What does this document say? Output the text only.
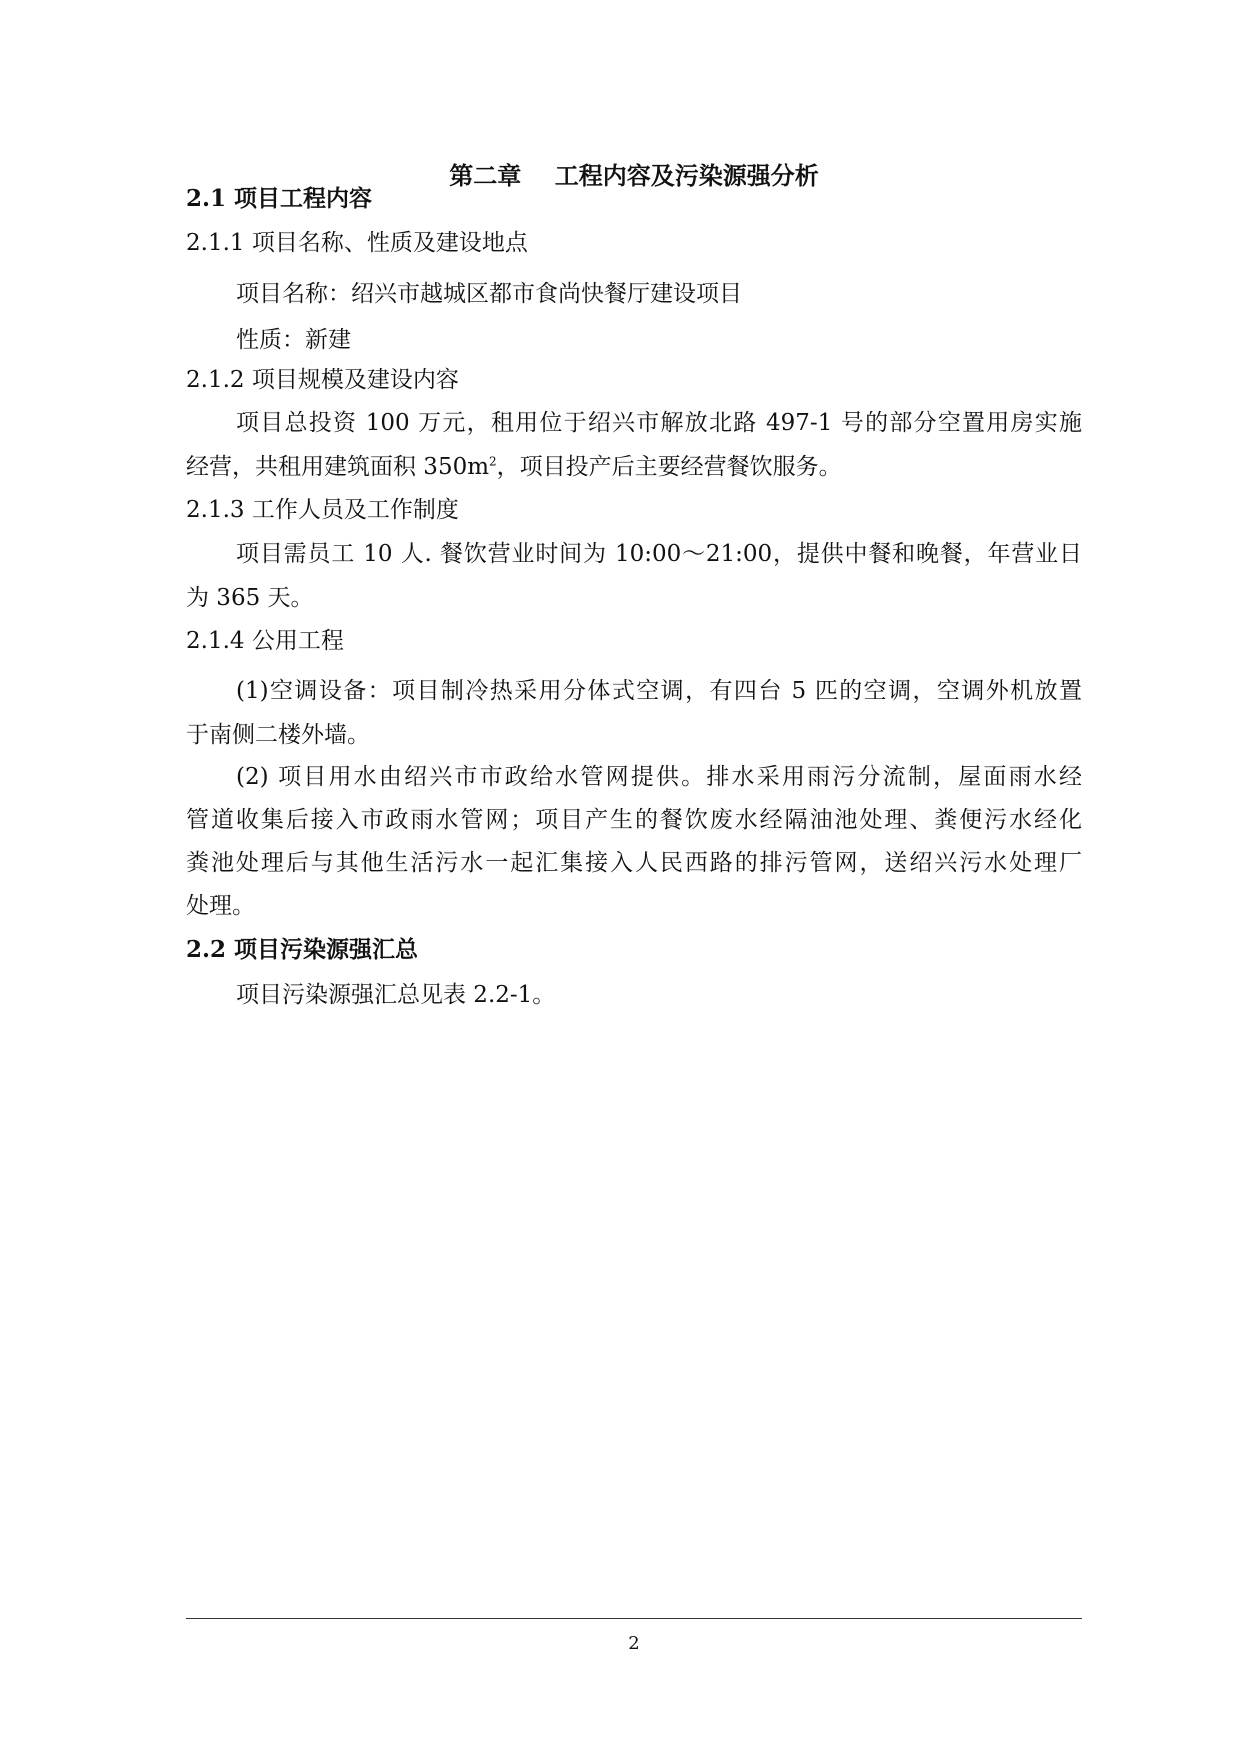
第二章    工程内容及污染源强分析
2.1 项目工程内容
2.1.1 项目名称、性质及建设地点
项目名称：绍兴市越城区都市食尚快餐厅建设项目
性质：新建
2.1.2 项目规模及建设内容
项目总投资 100 万元，租用位于绍兴市解放北路 497-1 号的部分空置用房实施
经营，共租用建筑面积 $350m^2$，项目投产后主要经营餐饮服务。
2.1.3 工作人员及工作制度
项目需员工 10 人. 餐饮营业时间为 10:00～21:00，提供中餐和晚餐，年营业日
为 365 天。
2.1.4 公用工程
(1)空调设备：项目制冷热采用分体式空调，有四台 5 匹的空调，空调外机放置
于南侧二楼外墙。
(2) 项目用水由绍兴市市政给水管网提供。排水采用雨污分流制，屋面雨水经
管道收集后接入市政雨水管网；项目产生的餐饮废水经隔油池处理、粪便污水经化
粪池处理后与其他生活污水一起汇集接入人民西路的排污管网，送绍兴污水处理厂
处理。
2.2 项目污染源强汇总
项目污染源强汇总见表 2.2-1。
2
